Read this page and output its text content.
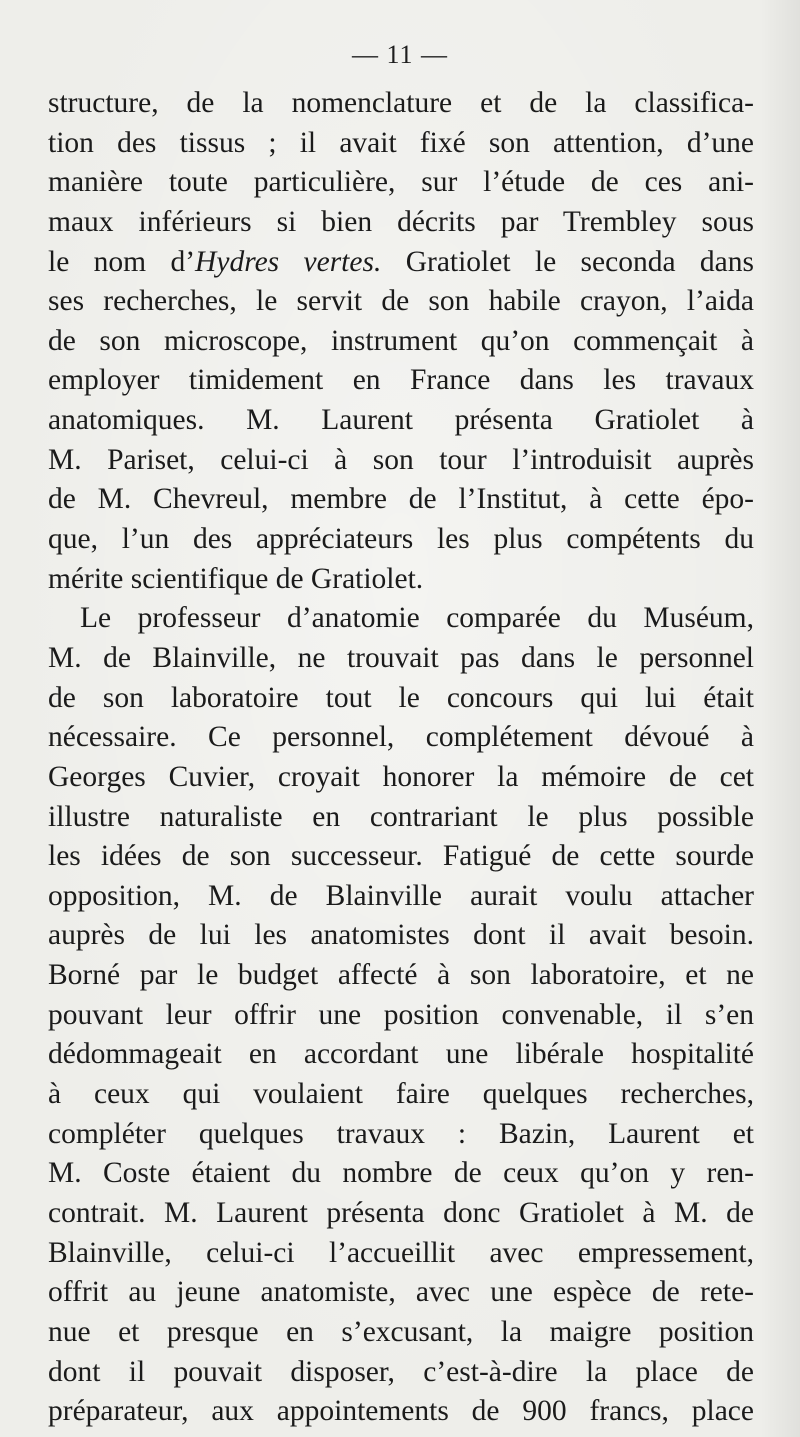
— 11 —
structure, de la nomenclature et de la classifica-
tion des tissus ; il avait fixé son attention, d’une
manière toute particulière, sur l’étude de ces ani-
maux inférieurs si bien décrits par Trembley sous
le nom d’Hydres vertes. Gratiolet le seconda dans
ses recherches, le servit de son habile crayon, l’aida
de son microscope, instrument qu’on commençait à
employer timidement en France dans les travaux
anatomiques. M. Laurent présenta Gratiolet à
M. Pariset, celui-ci à son tour l’introduisit auprès
de M. Chevreul, membre de l’Institut, à cette épo-
que, l’un des appréciateurs les plus compétents du
mérite scientifique de Gratiolet.
Le professeur d’anatomie comparée du Muséum,
M. de Blainville, ne trouvait pas dans le personnel
de son laboratoire tout le concours qui lui était
nécessaire. Ce personnel, complétement dévoué à
Georges Cuvier, croyait honorer la mémoire de cet
illustre naturaliste en contrariant le plus possible
les idées de son successeur. Fatigué de cette sourde
opposition, M. de Blainville aurait voulu attacher
auprès de lui les anatomistes dont il avait besoin.
Borné par le budget affecté à son laboratoire, et ne
pouvant leur offrir une position convenable, il s’en
dédommageait en accordant une libérale hospitalité
à ceux qui voulaient faire quelques recherches,
compléter quelques travaux : Bazin, Laurent et
M. Coste étaient du nombre de ceux qu’on y ren-
contrait. M. Laurent présenta donc Gratiolet à M. de
Blainville, celui-ci l’accueillit avec empressement,
offrit au jeune anatomiste, avec une espèce de rete-
nue et presque en s’excusant, la maigre position
dont il pouvait disposer, c’est-à-dire la place de
préparateur, aux appointements de 900 francs, place
